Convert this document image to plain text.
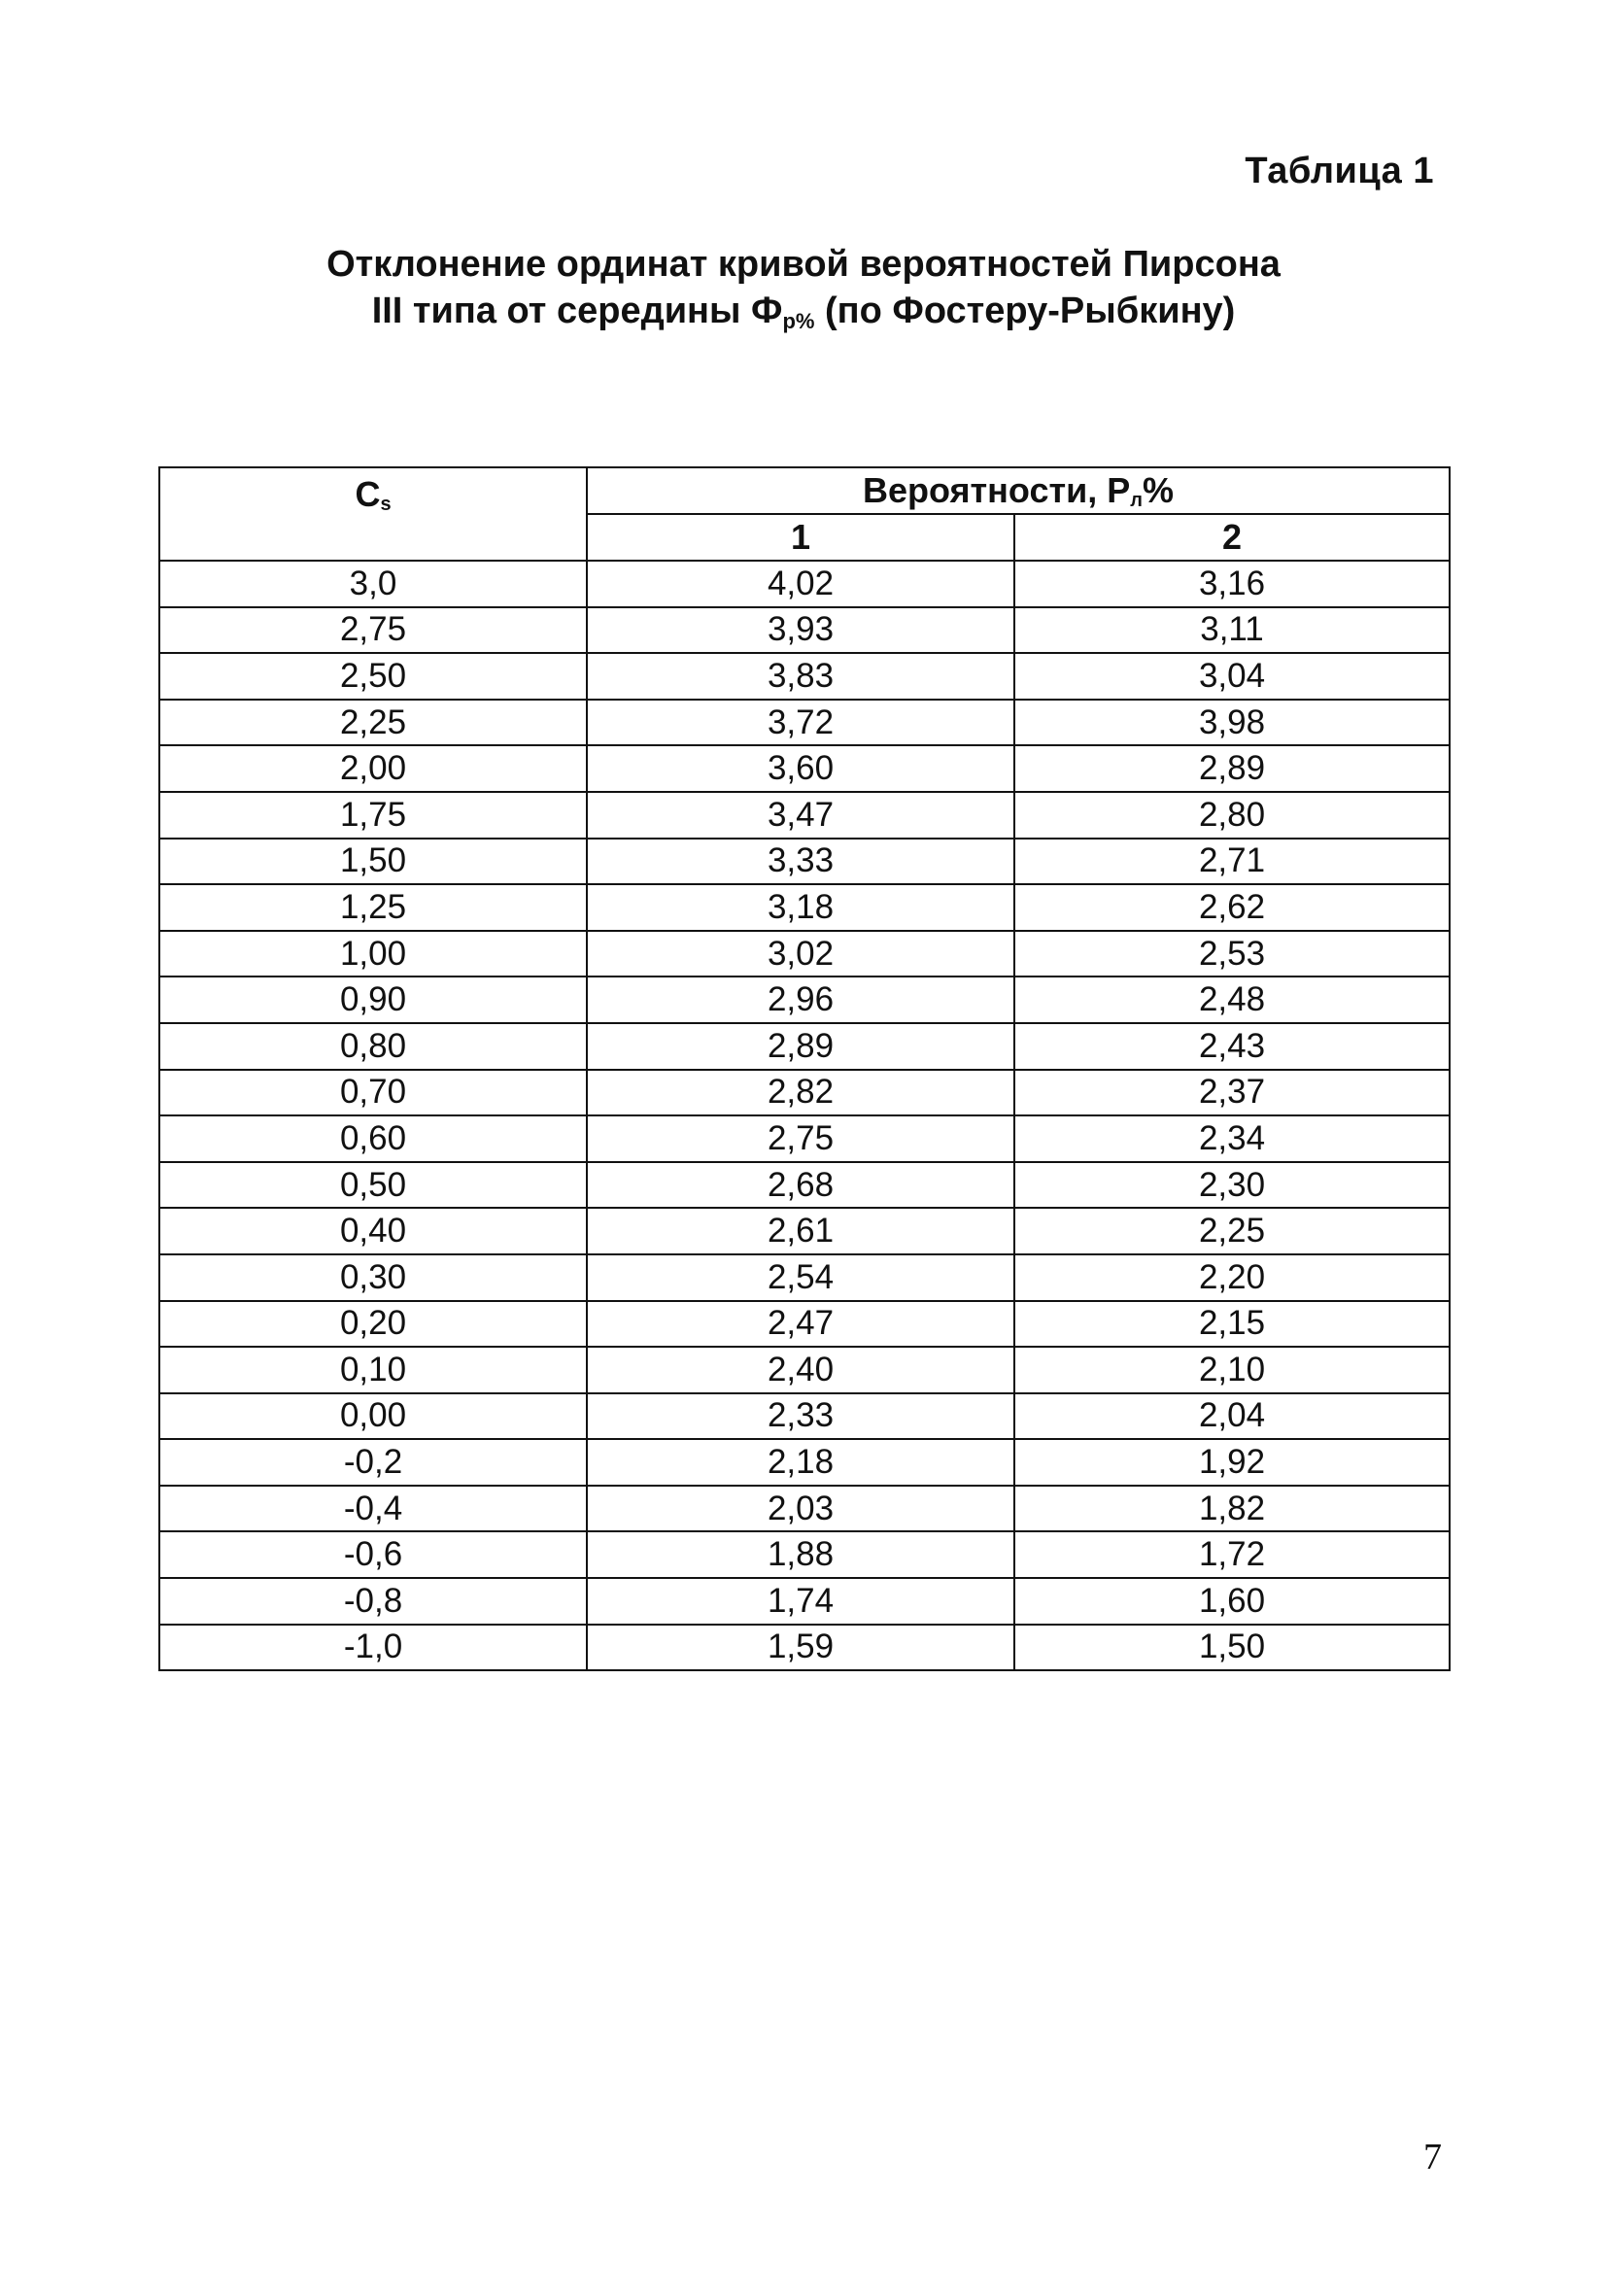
Таблица 1
Отклонение ординат кривой вероятностей Пирсона

III типа от середины $Ф_{р\%}$ (по Фостеру-Рыбкину)
$C_s$	Вероятности, $Р_л\%$	
	1	2
3,0	4,02	3,16
2,75	3,93	3,11
2,50	3,83	3,04
2,25	3,72	3,98
2,00	3,60	2,89
1,75	3,47	2,80
1,50	3,33	2,71
1,25	3,18	2,62
1,00	3,02	2,53
0,90	2,96	2,48
0,80	2,89	2,43
0,70	2,82	2,37
0,60	2,75	2,34
0,50	2,68	2,30
0,40	2,61	2,25
0,30	2,54	2,20
0,20	2,47	2,15
0,10	2,40	2,10
0,00	2,33	2,04
-0,2	2,18	1,92
-0,4	2,03	1,82
-0,6	1,88	1,72
-0,8	1,74	1,60
-1,0	1,59	1,50
7
